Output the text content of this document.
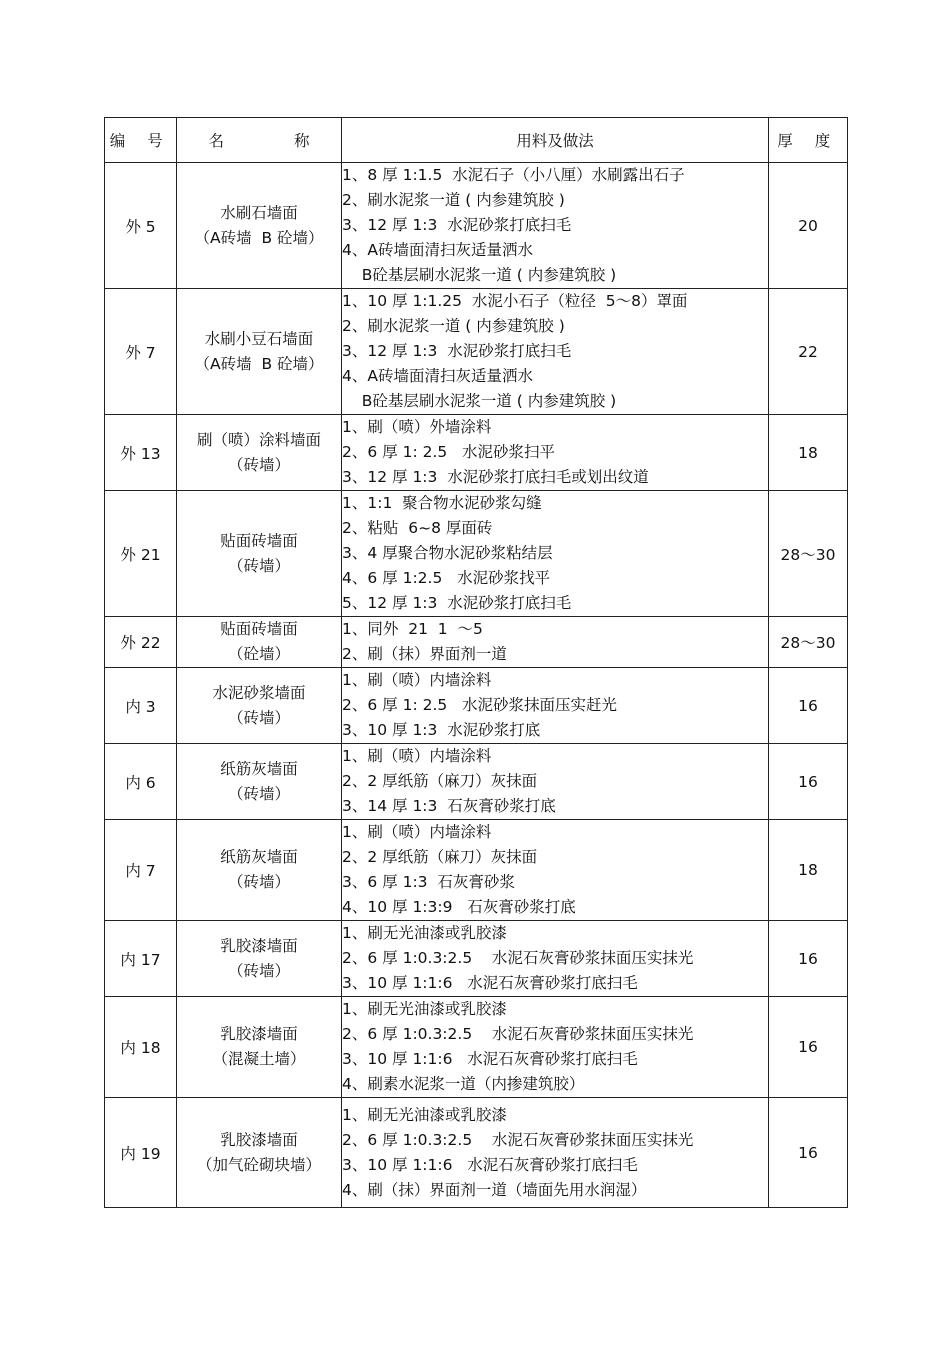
编 号	名 称	用料及做法	厚 度
外 5	水刷石墙面
（A砖墙  B 砼墙）	1、8 厚 1:1.5  水泥石子（小八厘）水刷露出石子
2、刷水泥浆一道 ( 内参建筑胶 )
3、12 厚 1:3  水泥砂浆打底扫毛
4、A砖墙面清扫灰适量洒水
B砼基层刷水泥浆一道 ( 内参建筑胶 )	20
外 7	水刷小豆石墙面
（A砖墙  B 砼墙）	1、10 厚 1:1.25  水泥小石子（粒径  5～8）罩面
2、刷水泥浆一道 ( 内参建筑胶 )
3、12 厚 1:3  水泥砂浆打底扫毛
4、A砖墙面清扫灰适量洒水
B砼基层刷水泥浆一道 ( 内参建筑胶 )	22
外 13	刷（喷）涂料墙面
（砖墙）	1、刷（喷）外墙涂料
2、6 厚 1: 2.5   水泥砂浆扫平
3、12 厚 1:3  水泥砂浆打底扫毛或划出纹道	18
外 21	贴面砖墙面
（砖墙）	1、1:1  聚合物水泥砂浆勾缝
2、粘贴  6~8 厚面砖
3、4 厚聚合物水泥砂浆粘结层
4、6 厚 1:2.5   水泥砂浆找平
5、12 厚 1:3  水泥砂浆打底扫毛	28～30
外 22	贴面砖墙面
（砼墙）	1、同外  21  1  ～5
2、刷（抹）界面剂一道	28～30
内 3	水泥砂浆墙面
（砖墙）	1、刷（喷）内墙涂料
2、6 厚 1: 2.5   水泥砂浆抹面压实赶光
3、10 厚 1:3  水泥砂浆打底	16
内 6	纸筋灰墙面
（砖墙）	1、刷（喷）内墙涂料
2、2 厚纸筋（麻刀）灰抹面
3、14 厚 1:3  石灰膏砂浆打底	16
内 7	纸筋灰墙面
（砖墙）	1、刷（喷）内墙涂料
2、2 厚纸筋（麻刀）灰抹面
3、6 厚 1:3  石灰膏砂浆
4、10 厚 1:3:9   石灰膏砂浆打底	18
内 17	乳胶漆墙面
（砖墙）	1、刷无光油漆或乳胶漆
2、6 厚 1:0.3:2.5    水泥石灰膏砂浆抹面压实抹光
3、10 厚 1:1:6   水泥石灰膏砂浆打底扫毛	16
内 18	乳胶漆墙面
（混凝土墙）	1、刷无光油漆或乳胶漆
2、6 厚 1:0.3:2.5    水泥石灰膏砂浆抹面压实抹光
3、10 厚 1:1:6   水泥石灰膏砂浆打底扫毛
4、刷素水泥浆一道（内掺建筑胶）	16
内 19	乳胶漆墙面
（加气砼砌块墙）	1、刷无光油漆或乳胶漆
2、6 厚 1:0.3:2.5    水泥石灰膏砂浆抹面压实抹光
3、10 厚 1:1:6   水泥石灰膏砂浆打底扫毛
4、刷（抹）界面剂一道（墙面先用水润湿）	16
